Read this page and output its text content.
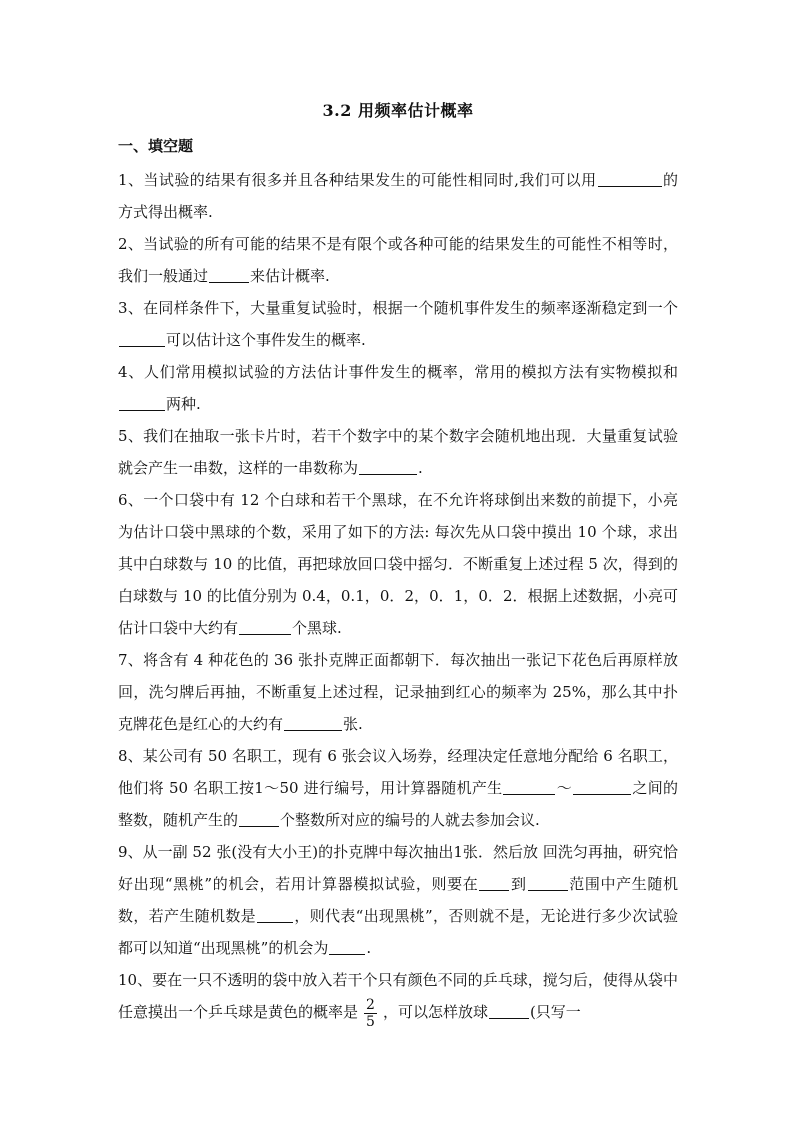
3.2 用频率估计概率
一、填空题

1、当试验的结果有很多并且各种结果发生的可能性相同时,我们可以用	的方式得出概率.

2、当试验的所有可能的结果不是有限个或各种可能的结果发生的可能性不相等时，我们一般通过	来估计概率.

3、在同样条件下，大量重复试验时，根据一个随机事件发生的频率逐渐稳定到一个可以估计这个事件发生的概率.

4、人们常用模拟试验的方法估计事件发生的概率，常用的模拟方法有实物模拟和两种.

5、我们在抽取一张卡片时，若干个数字中的某个数字会随机地出现．大量重复试验就会产生一串数，这样的一串数称为	.

6、一个口袋中有 12 个白球和若干个黑球，在不允许将球倒出来数的前提下，小亮为估计口袋中黑球的个数，采用了如下的方法: 每次先从口袋中摸出 10 个球，求出其中白球数与 10 的比值，再把球放回口袋中摇匀．不断重复上述过程 5 次，得到的白球数与 10 的比值分别为 0.4，0.1，0．2，0．1，0．2．根据上述数据，小亮可估计口袋中大约有	个黑球.

7、将含有 4 种花色的 36 张扑克牌正面都朝下．每次抽出一张记下花色后再原样放回，洗匀牌后再抽，不断重复上述过程，记录抽到红心的频率为 25%，那么其中扑克牌花色是红心的大约有	张.

8、某公司有 50 名职工，现有 6 张会议入场券，经理决定任意地分配给 6 名职工，他们将 50 名职工按1～50 进行编号，用计算器随机产生	～	之间的整数，随机产生的	个整数所对应的编号的人就去参加会议.

9、从一副 52 张(没有大小王)的扑克牌中每次抽出1张．然后放 回洗匀再抽，研究恰好出现“黑桃”的机会，若用计算器模拟试验，则要在 到	范围中产生随机数，若产生随机数是	，则代表“出现黑桃”，否则就不是，无论进行多少次试验都可以知道“出现黑桃”的机会为	.

10、要在一只不透明的袋中放入若干个只有颜色不同的乒乓球，搅匀后，使得从袋中任意摸出一个乒乓球是黄色的概率是 $\frac{2}{5}$ ，可以怎样放球	(只写一
